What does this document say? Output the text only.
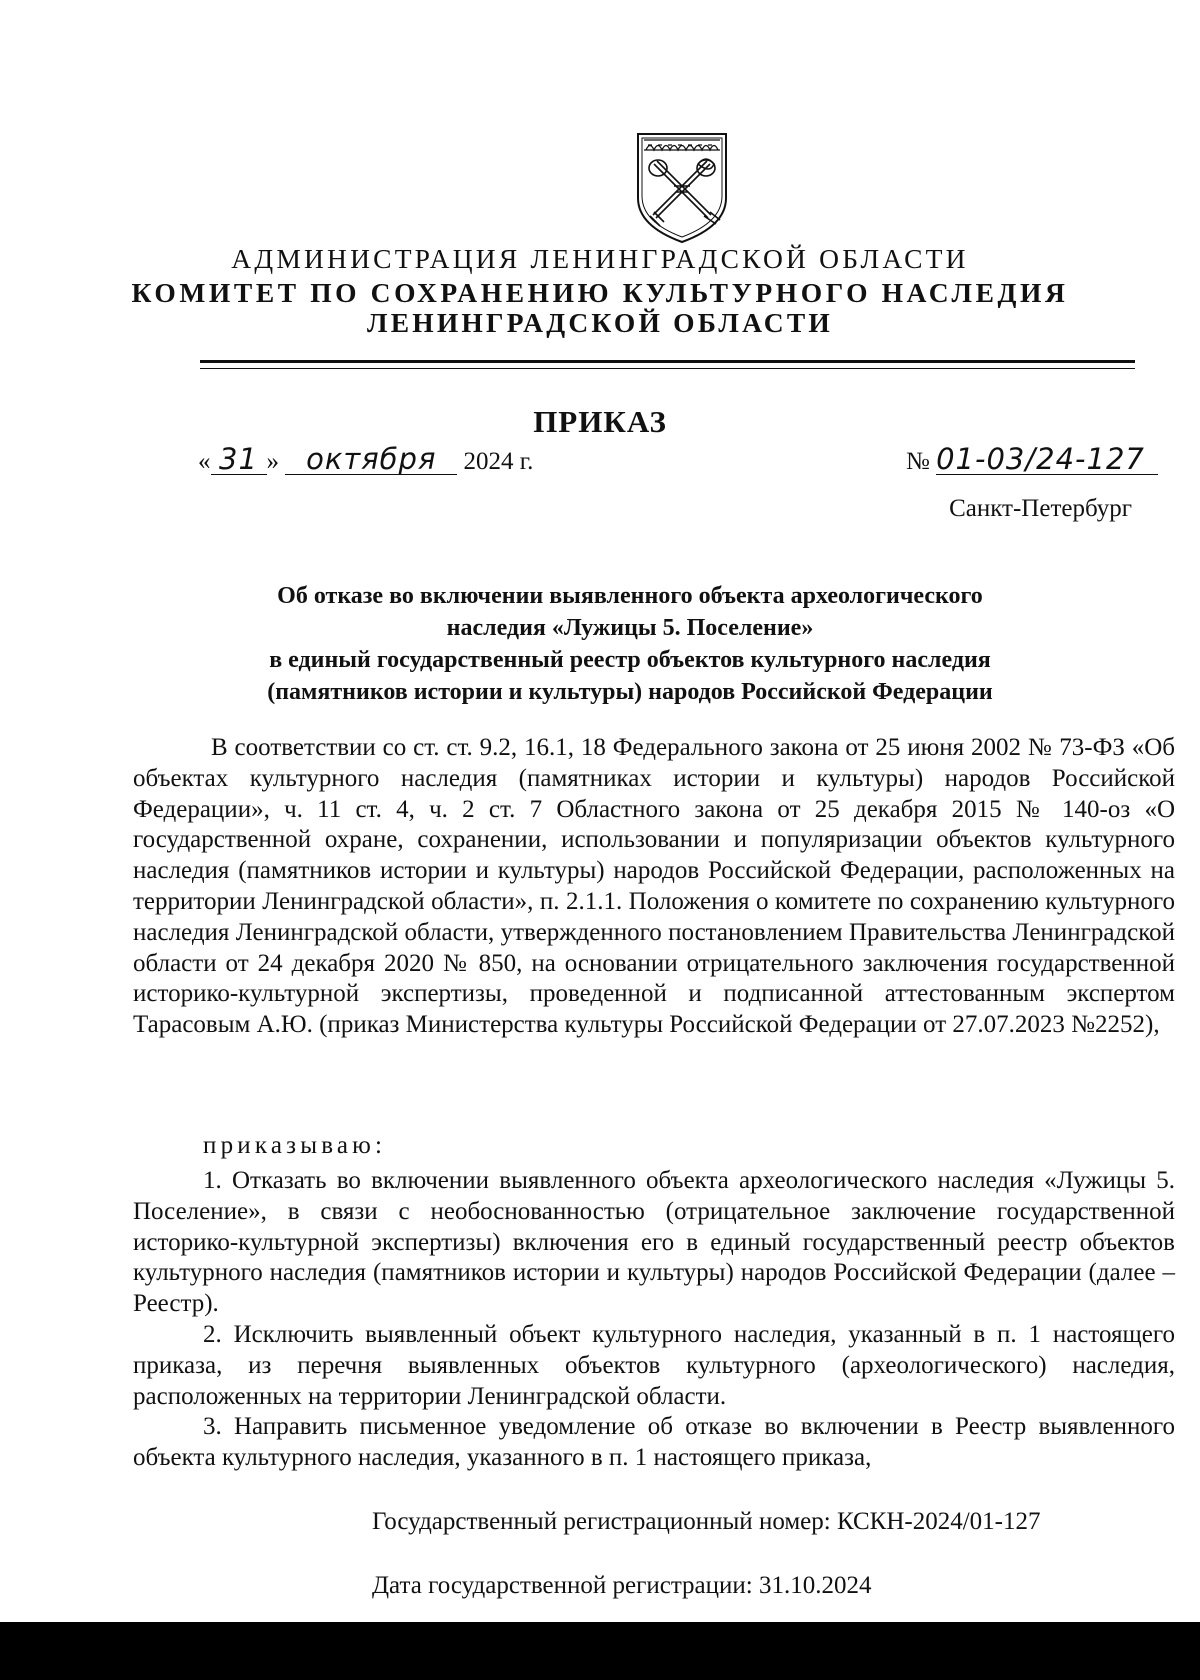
АДМИНИСТРАЦИЯ ЛЕНИНГРАДСКОЙ ОБЛАСТИ
КОМИТЕТ ПО СОХРАНЕНИЮ КУЛЬТУРНОГО НАСЛЕДИЯ
ЛЕНИНГРАДСКОЙ ОБЛАСТИ
ПРИКАЗ
« 31 » октября 2024 г.	№ 01-03/24-127
Санкт-Петербург
Об отказе во включении выявленного объекта археологического
наследия «Лужицы 5. Поселение»
в единый государственный реестр объектов культурного наследия
(памятников истории и культуры) народов Российской Федерации

В соответствии со ст. ст. 9.2, 16.1, 18 Федерального закона от 25 июня 2002 № 73-ФЗ «Об объектах культурного наследия (памятниках истории и культуры) народов Российской Федерации», ч. 11 ст. 4, ч. 2 ст. 7 Областного закона от 25 декабря 2015 № 140-оз «О государственной охране, сохранении, использовании и популяризации объектов культурного наследия (памятников истории и культуры) народов Российской Федерации, расположенных на территории Ленинградской области», п. 2.1.1. Положения о комитете по сохранению культурного наследия Ленинградской области, утвержденного постановлением Правительства Ленинградской области от 24 декабря 2020 № 850, на основании отрицательного заключения государственной историко-культурной экспертизы, проведенной и подписанной аттестованным экспертом Тарасовым А.Ю. (приказ Министерства культуры Российской Федерации от 27.07.2023 №2252),

приказываю:

1. Отказать во включении выявленного объекта археологического наследия «Лужицы 5. Поселение», в связи с необоснованностью (отрицательное заключение государственной историко-культурной экспертизы) включения его в единый государственный реестр объектов культурного наследия (памятников истории и культуры) народов Российской Федерации (далее – Реестр).

2. Исключить выявленный объект культурного наследия, указанный в п. 1 настоящего приказа, из перечня выявленных объектов культурного (археологического) наследия, расположенных на территории Ленинградской области.

3. Направить письменное уведомление об отказе во включении в Реестр выявленного объекта культурного наследия, указанного в п. 1 настоящего приказа,

Государственный регистрационный номер: КСКН-2024/01-127
Дата государственной регистрации: 31.10.2024
